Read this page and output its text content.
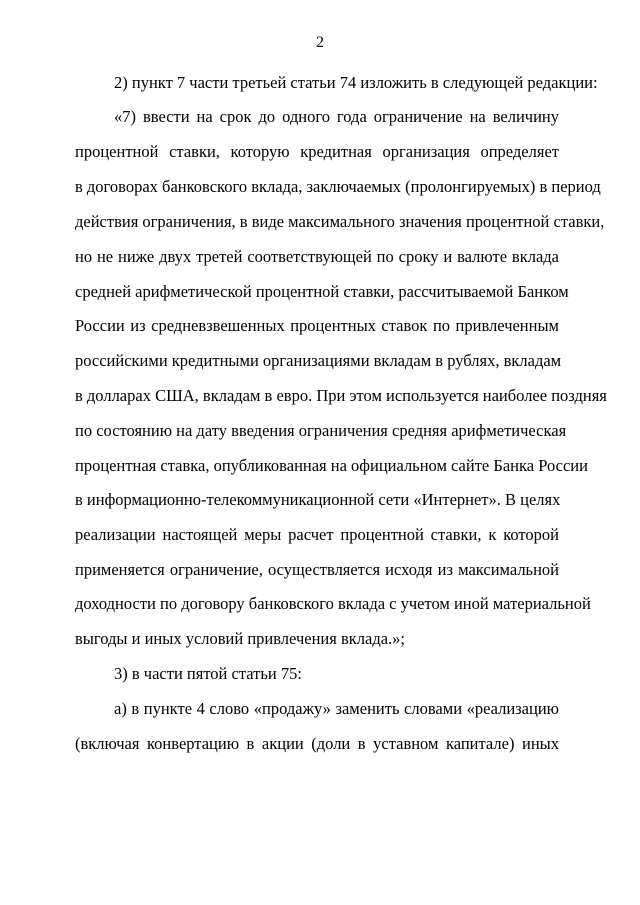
2
2) пункт 7 части третьей статьи 74 изложить в следующей редакции:
«7) ввести на срок до одного года ограничение на величину
процентной ставки, которую кредитная организация определяет
в договорах банковского вклада, заключаемых (пролонгируемых) в период
действия ограничения, в виде максимального значения процентной ставки,
но не ниже двух третей соответствующей по сроку и валюте вклада
средней арифметической процентной ставки, рассчитываемой Банком
России из средневзвешенных процентных ставок по привлеченным
российскими кредитными организациями вкладам в рублях, вкладам
в долларах США, вкладам в евро. При этом используется наиболее поздняя
по состоянию на дату введения ограничения средняя арифметическая
процентная ставка, опубликованная на официальном сайте Банка России
в информационно-телекоммуникационной сети «Интернет». В целях
реализации настоящей меры расчет процентной ставки, к которой
применяется ограничение, осуществляется исходя из максимальной
доходности по договору банковского вклада с учетом иной материальной
выгоды и иных условий привлечения вклада.»;
3) в части пятой статьи 75:
а) в пункте 4 слово «продажу» заменить словами «реализацию
(включая конвертацию в акции (доли в уставном капитале) иных
